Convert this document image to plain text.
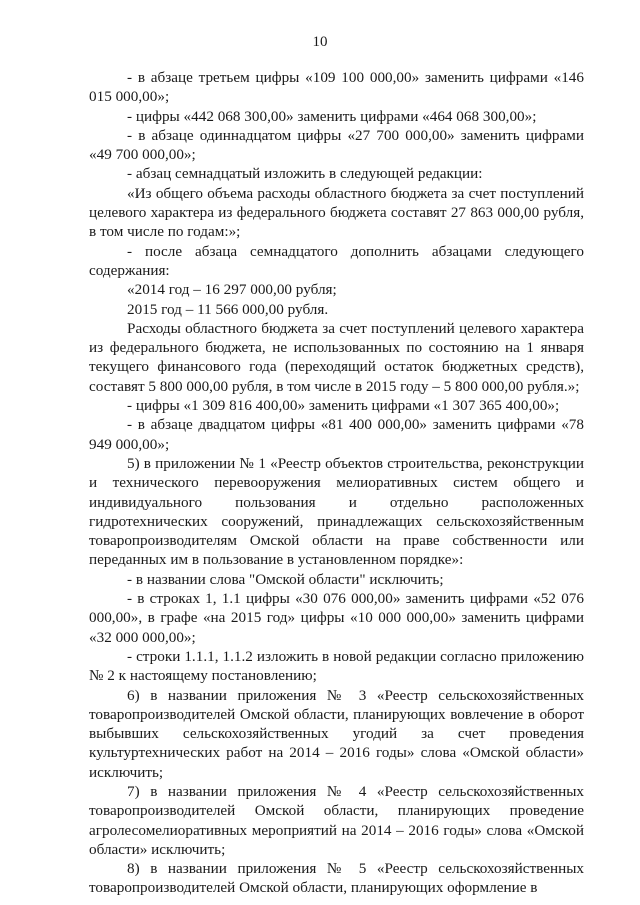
10

- в абзаце третьем цифры «109 100 000,00» заменить цифрами «146 015 000,00»;

- цифры «442 068 300,00» заменить цифрами «464 068 300,00»;

- в абзаце одиннадцатом цифры «27 700 000,00» заменить цифрами «49 700 000,00»;

- абзац семнадцатый изложить в следующей редакции:

«Из общего объема расходы областного бюджета за счет поступлений целевого характера из федерального бюджета составят 27 863 000,00 рубля, в том числе по годам:»;

- после абзаца семнадцатого дополнить абзацами следующего содержания:

«2014 год – 16 297 000,00 рубля;

2015 год – 11 566 000,00 рубля.

Расходы областного бюджета за счет поступлений целевого характера из федерального бюджета, не использованных по состоянию на 1 января текущего финансового года (переходящий остаток бюджетных средств), составят 5 800 000,00 рубля, в том числе в 2015 году – 5 800 000,00 рубля.»;

- цифры «1 309 816 400,00» заменить цифрами «1 307 365 400,00»;

- в абзаце двадцатом цифры «81 400 000,00» заменить цифрами «78 949 000,00»;

5) в приложении № 1 «Реестр объектов строительства, реконструкции и технического перевооружения мелиоративных систем общего и индивидуального пользования и отдельно расположенных гидротехнических сооружений, принадлежащих сельскохозяйственным товаропроизводителям Омской области на праве собственности или переданных им в пользование в установленном порядке»:

- в названии слова "Омской области" исключить;

- в строках 1, 1.1 цифры «30 076 000,00» заменить цифрами «52 076 000,00», в графе «на 2015 год» цифры «10 000 000,00» заменить цифрами «32 000 000,00»;

- строки 1.1.1, 1.1.2 изложить в новой редакции согласно приложению № 2 к настоящему постановлению;

6) в названии приложения № 3 «Реестр сельскохозяйственных товаропроизводителей Омской области, планирующих вовлечение в оборот выбывших сельскохозяйственных угодий за счет проведения культуртехнических работ на 2014 – 2016 годы» слова «Омской области» исключить;

7) в названии приложения № 4 «Реестр сельскохозяйственных товаропроизводителей Омской области, планирующих проведение агролесомелиоративных мероприятий на 2014 – 2016 годы» слова «Омской области» исключить;

8) в названии приложения № 5 «Реестр сельскохозяйственных товаропроизводителей Омской области, планирующих оформление в
